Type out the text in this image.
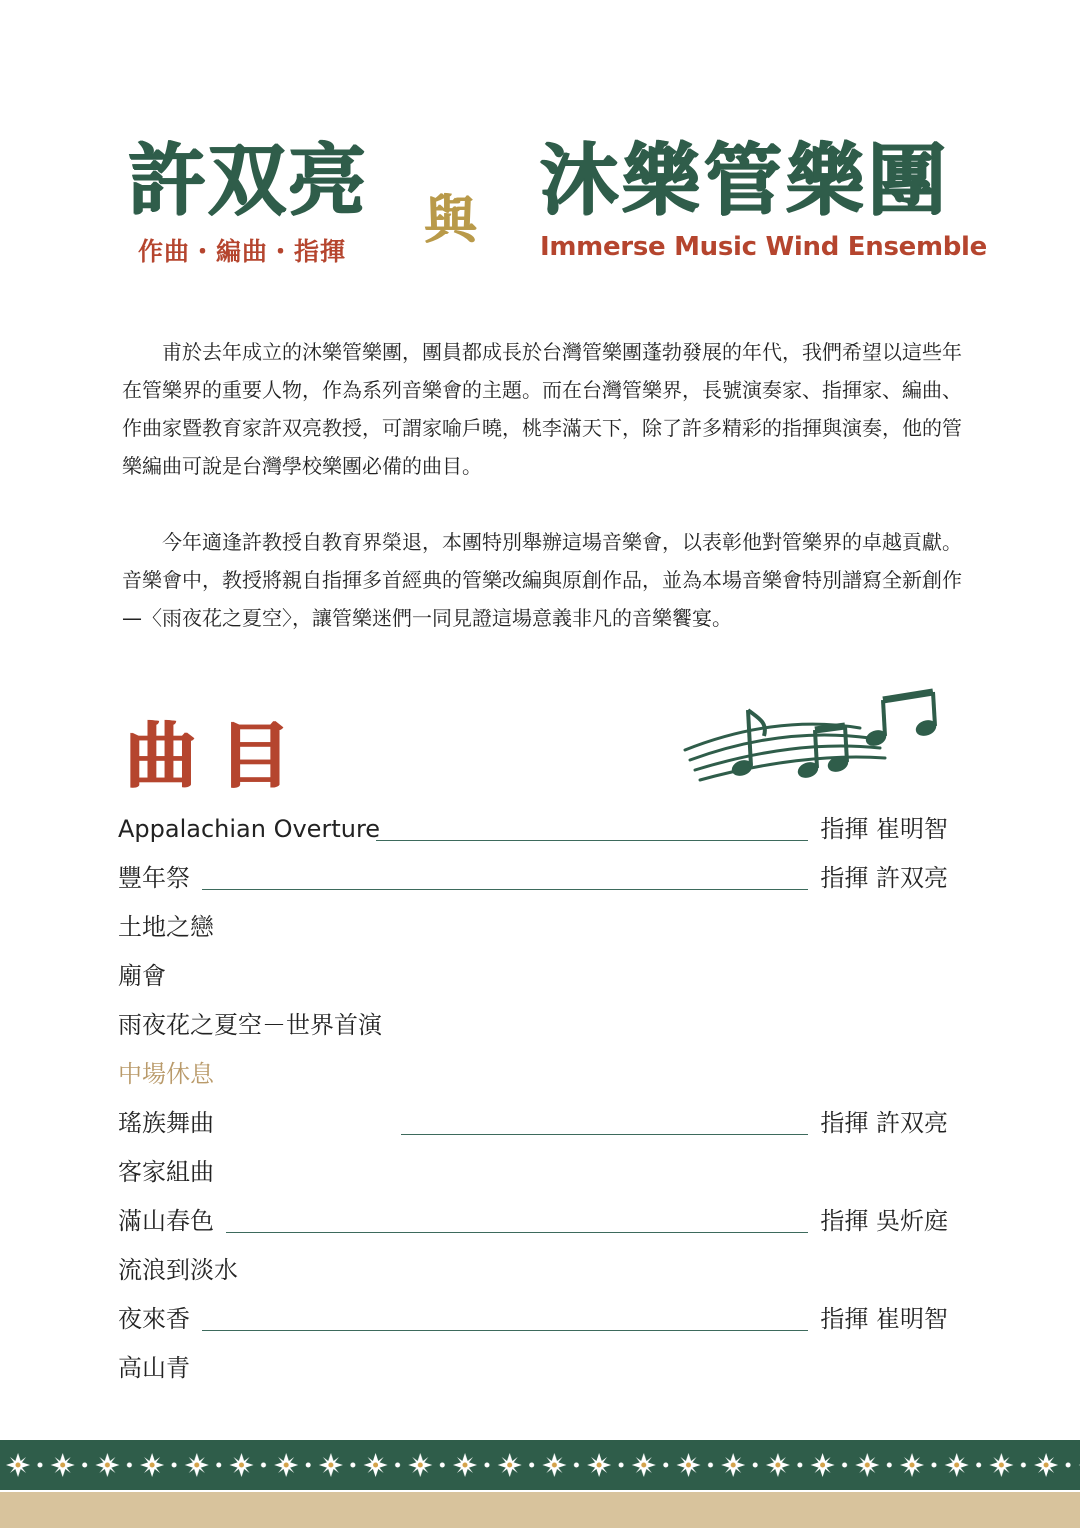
許双亮
作曲・編曲・指揮
與 沐樂管樂團
Immerse Music Wind Ensemble

甫於去年成立的沐樂管樂團，團員都成長於台灣管樂團蓬勃發展的年代，我們希望以這些年在管樂界的重要人物，作為系列音樂會的主題。而在台灣管樂界，長號演奏家、指揮家、編曲、作曲家暨教育家許双亮教授，可謂家喻戶曉，桃李滿天下，除了許多精彩的指揮與演奏，他的管樂編曲可說是台灣學校樂團必備的曲目。

今年適逢許教授自教育界榮退，本團特別舉辦這場音樂會，以表彰他對管樂界的卓越貢獻。音樂會中，教授將親自指揮多首經典的管樂改編與原創作品，並為本場音樂會特別譜寫全新創作—〈雨夜花之夏空〉，讓管樂迷們一同見證這場意義非凡的音樂饗宴。

曲目
Appalachian Overture	指揮 崔明智
豐年祭	指揮 許双亮
土地之戀
廟會
雨夜花之夏空－世界首演
中場休息
瑤族舞曲	指揮 許双亮
客家組曲
滿山春色	指揮 吳炘庭
流浪到淡水
夜來香	指揮 崔明智
高山青
